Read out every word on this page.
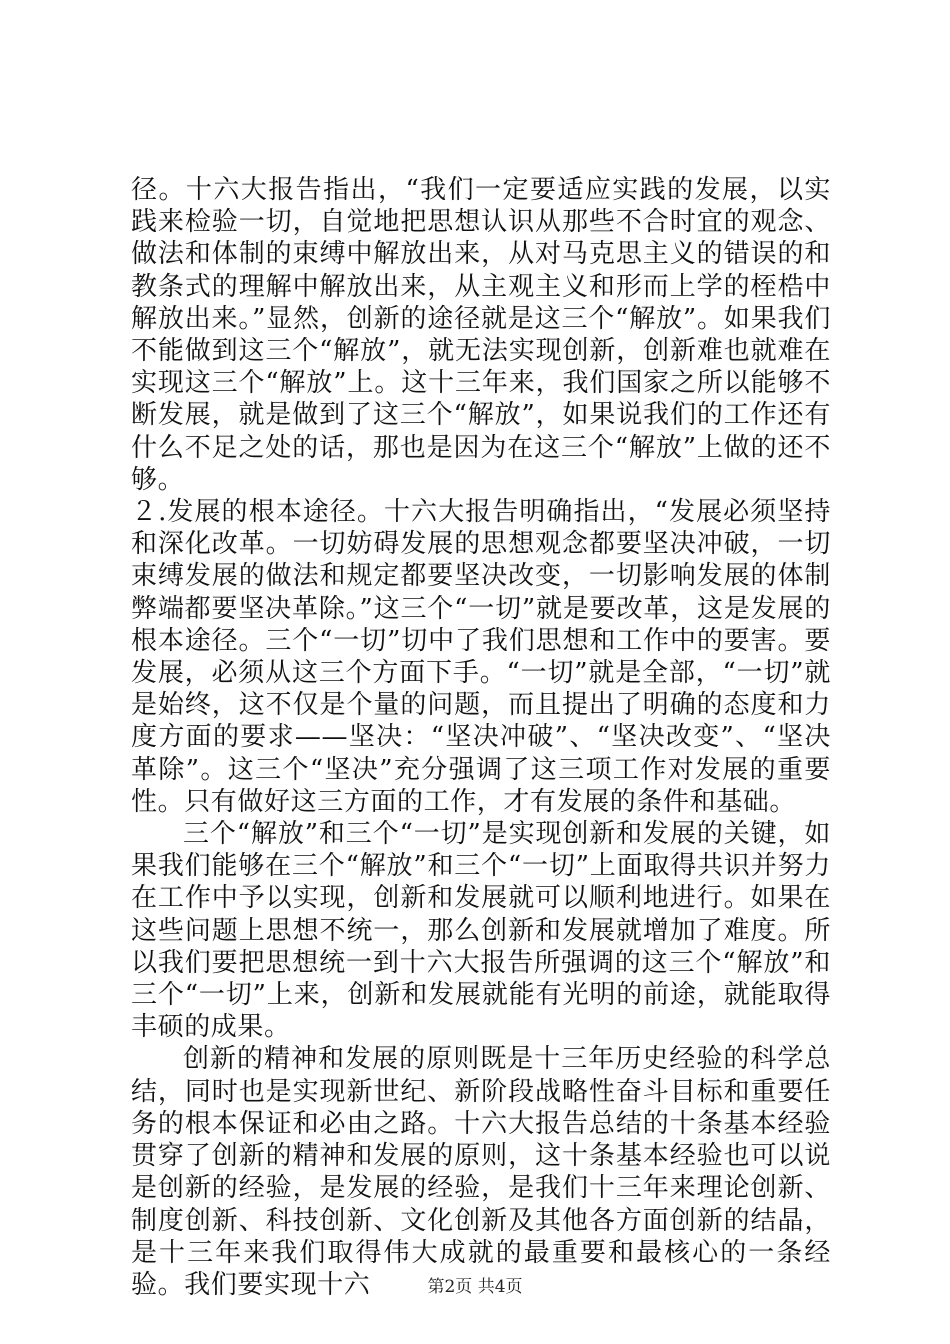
径。十六大报告指出，“我们一定要适应实践的发展，以实践来检验一切，自觉地把思想认识从那些不合时宜的观念、做法和体制的束缚中解放出来，从对马克思主义的错误的和教条式的理解中解放出来，从主观主义和形而上学的桎梏中解放出来。”显然，创新的途径就是这三个“解放”。如果我们不能做到这三个“解放”，就无法实现创新，创新难也就难在实现这三个“解放”上。这十三年来，我们国家之所以能够不断发展，就是做到了这三个“解放”，如果说我们的工作还有什么不足之处的话，那也是因为在这三个“解放”上做的还不够。

２.发展的根本途径。十六大报告明确指出，“发展必须坚持和深化改革。一切妨碍发展的思想观念都要坚决冲破，一切束缚发展的做法和规定都要坚决改变，一切影响发展的体制弊端都要坚决革除。”这三个“一切”就是要改革，这是发展的根本途径。三个“一切”切中了我们思想和工作中的要害。要发展，必须从这三个方面下手。“一切”就是全部，“一切”就是始终，这不仅是个量的问题，而且提出了明确的态度和力度方面的要求——坚决：“坚决冲破”、“坚决改变”、“坚决革除”。这三个“坚决”充分强调了这三项工作对发展的重要性。只有做好这三方面的工作，才有发展的条件和基础。

三个“解放”和三个“一切”是实现创新和发展的关键，如果我们能够在三个“解放”和三个“一切”上面取得共识并努力在工作中予以实现，创新和发展就可以顺利地进行。如果在这些问题上思想不统一，那么创新和发展就增加了难度。所以我们要把思想统一到十六大报告所强调的这三个“解放”和三个“一切”上来，创新和发展就能有光明的前途，就能取得丰硕的成果。

创新的精神和发展的原则既是十三年历史经验的科学总结，同时也是实现新世纪、新阶段战略性奋斗目标和重要任务的根本保证和必由之路。十六大报告总结的十条基本经验贯穿了创新的精神和发展的原则，这十条基本经验也可以说是创新的经验，是发展的经验，是我们十三年来理论创新、制度创新、科技创新、文化创新及其他各方面创新的结晶，是十三年来我们取得伟大成就的最重要和最核心的一条经验。我们要实现十六	第2页 共4页
